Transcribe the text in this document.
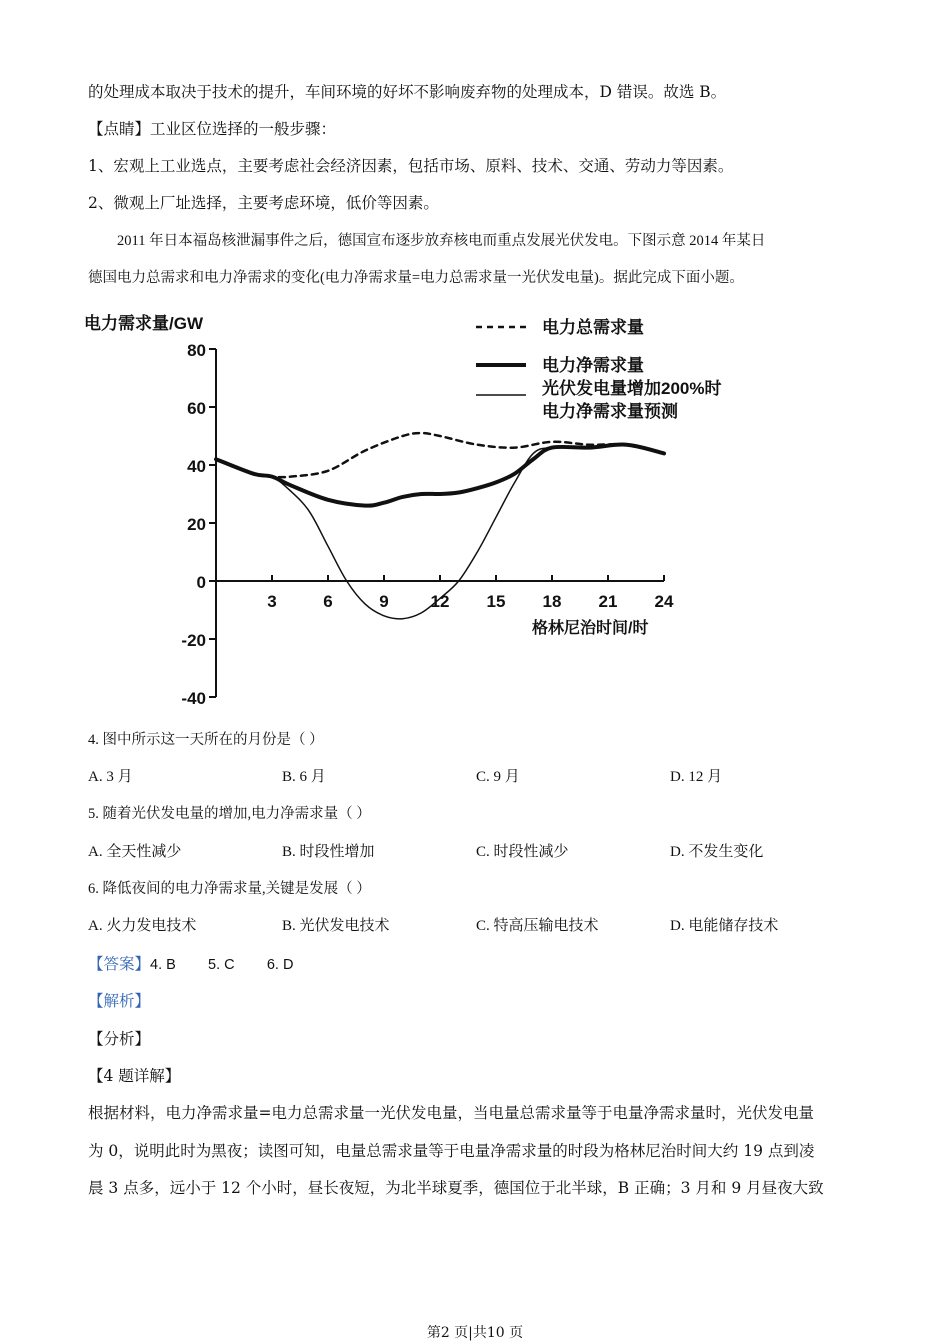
的处理成本取决于技术的提升，车间环境的好坏不影响废弃物的处理成本，D 错误。故选 B。
【点睛】工业区位选择的一般步骤：
1、宏观上工业选点，主要考虑社会经济因素，包括市场、原料、技术、交通、劳动力等因素。
2、微观上厂址选择，主要考虑环境，低价等因素。
2011 年日本福岛核泄漏事件之后，德国宣布逐步放弃核电而重点发展光伏发电。下图示意 2014 年某日
德国电力总需求和电力净需求的变化(电力净需求量=电力总需求量一光伏发电量)。据此完成下面小题。
电力需求量/GW
格林尼治时间/时
80
60
40
20
0
-20
-40
3	6	9 12 15 18 21 24
电力总需求量
电力净需求量
光伏发电量增加200%时
电力净需求量预测
4. 图中所示这一天所在的月份是（ ）
A. 3 月	B. 6 月	C. 9 月	D. 12 月
5. 随着光伏发电量的增加,电力净需求量（ ）
A. 全天性减少	B. 时段性增加	C. 时段性减少	D. 不发生变化
6. 降低夜间的电力净需求量,关键是发展（ ）
A. 火力发电技术	B. 光伏发电技术	C. 特高压输电技术	D. 电能储存技术
【答案】4. B        5. C        6. D
【解析】
【分析】
【4 题详解】
根据材料，电力净需求量=电力总需求量一光伏发电量，当电量总需求量等于电量净需求量时，光伏发电量
为 0，说明此时为黑夜；读图可知，电量总需求量等于电量净需求量的时段为格林尼治时间大约 19 点到凌
晨 3 点多，远小于 12 个小时，昼长夜短，为北半球夏季，德国位于北半球，B 正确；3 月和 9 月昼夜大致
第2 页|共10 页
